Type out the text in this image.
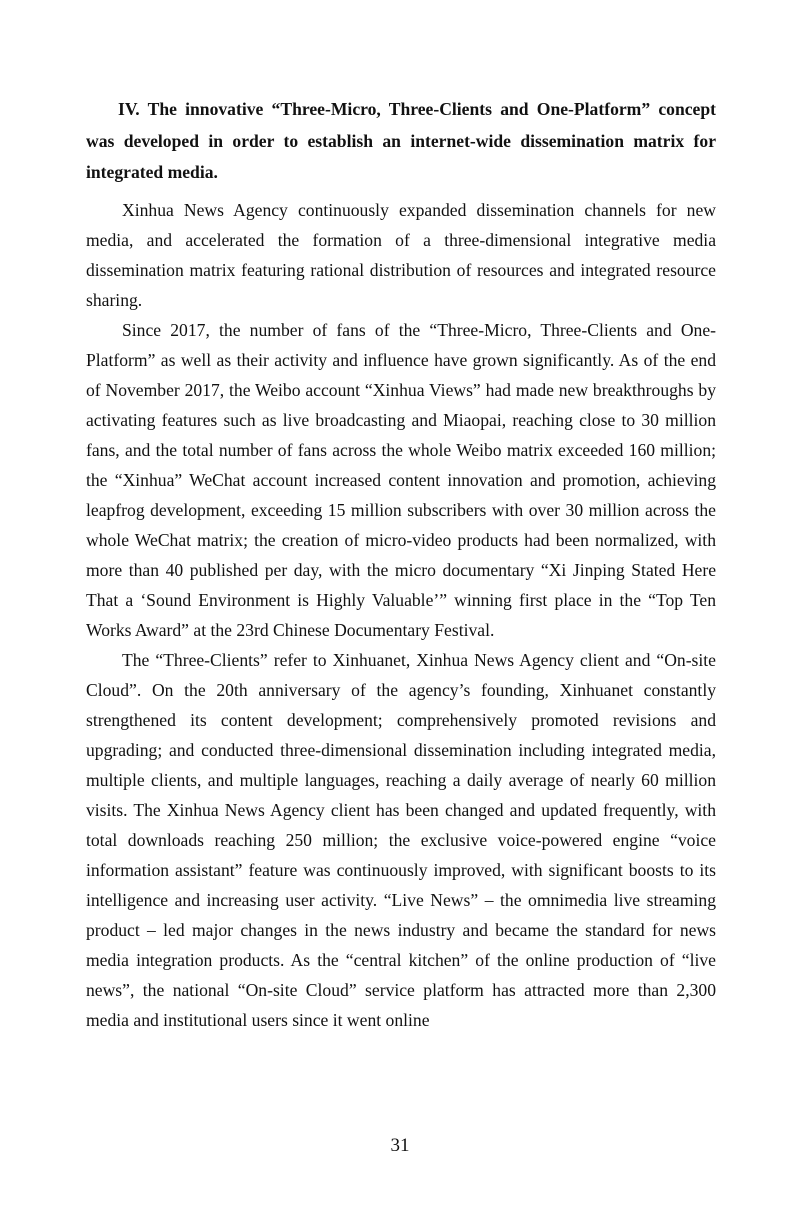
IV. The innovative “Three-Micro, Three-Clients and One-Platform” concept was developed in order to establish an internet-wide dissemination matrix for integrated media.

Xinhua News Agency continuously expanded dissemination channels for new media, and accelerated the formation of a three-dimensional integrative media dissemination matrix featuring rational distribution of resources and integrated resource sharing.

Since 2017, the number of fans of the “Three-Micro, Three-Clients and One-Platform” as well as their activity and influence have grown significantly. As of the end of November 2017, the Weibo account “Xinhua Views” had made new breakthroughs by activating features such as live broadcasting and Miaopai, reaching close to 30 million fans, and the total number of fans across the whole Weibo matrix exceeded 160 million; the “Xinhua” WeChat account increased content innovation and promotion, achieving leapfrog development, exceeding 15 million subscribers with over 30 million across the whole WeChat matrix; the creation of micro-video products had been normalized, with more than 40 published per day, with the micro documentary “Xi Jinping Stated Here That a ‘Sound Environment is Highly Valuable’” winning first place in the “Top Ten Works Award” at the 23rd Chinese Documentary Festival.

The “Three-Clients” refer to Xinhuanet, Xinhua News Agency client and “On-site Cloud”. On the 20th anniversary of the agency’s founding, Xinhuanet constantly strengthened its content development; comprehensively promoted revisions and upgrading; and conducted three-dimensional dissemination including integrated media, multiple clients, and multiple languages, reaching a daily average of nearly 60 million visits. The Xinhua News Agency client has been changed and updated frequently, with total downloads reaching 250 million; the exclusive voice-powered engine “voice information assistant” feature was continuously improved, with significant boosts to its intelligence and increasing user activity. “Live News” – the omnimedia live streaming product – led major changes in the news industry and became the standard for news media integration products. As the “central kitchen” of the online production of “live news”, the national “On-site Cloud” service platform has attracted more than 2,300 media and institutional users since it went online

31
